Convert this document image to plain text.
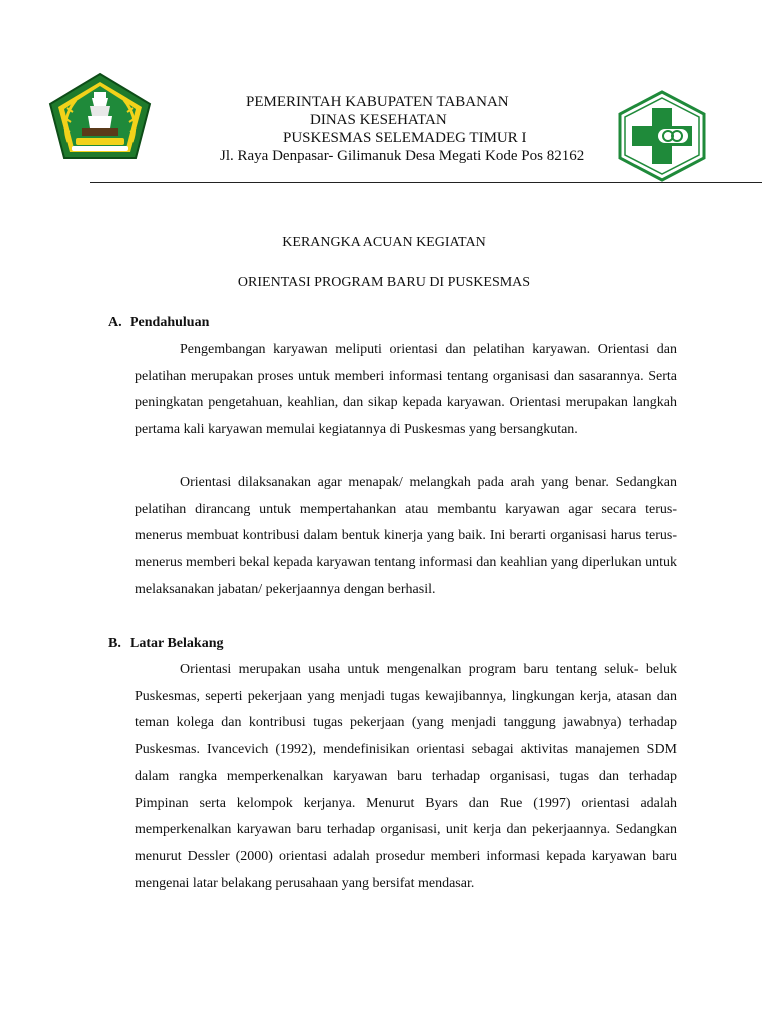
PEMERINTAH KABUPATEN TABANAN
DINAS KESEHATAN
PUSKESMAS SELEMADEG TIMUR I
Jl. Raya Denpasar- Gilimanuk Desa Megati Kode Pos 82162
KERANGKA ACUAN KEGIATAN
ORIENTASI PROGRAM BARU DI PUSKESMAS
A. Pendahuluan

Pengembangan karyawan meliputi orientasi dan pelatihan karyawan. Orientasi dan pelatihan merupakan proses untuk memberi informasi tentang organisasi dan sasarannya. Serta peningkatan pengetahuan, keahlian, dan sikap kepada karyawan. Orientasi merupakan langkah pertama kali karyawan memulai kegiatannya di Puskesmas yang bersangkutan.

Orientasi dilaksanakan agar menapak/ melangkah pada arah yang benar. Sedangkan pelatihan dirancang untuk mempertahankan atau membantu karyawan agar secara terus- menerus membuat kontribusi dalam bentuk kinerja yang baik. Ini berarti organisasi harus terus- menerus memberi bekal kepada karyawan tentang informasi dan keahlian yang diperlukan untuk melaksanakan jabatan/ pekerjaannya dengan berhasil.

B. Latar Belakang

Orientasi merupakan usaha untuk mengenalkan program baru tentang seluk- beluk Puskesmas, seperti pekerjaan yang menjadi tugas kewajibannya, lingkungan kerja, atasan dan teman kolega dan kontribusi tugas pekerjaan (yang menjadi tanggung jawabnya) terhadap Puskesmas. Ivancevich (1992), mendefinisikan orientasi sebagai aktivitas manajemen SDM dalam rangka memperkenalkan karyawan baru terhadap organisasi, tugas dan terhadap Pimpinan serta kelompok kerjanya. Menurut Byars dan Rue (1997) orientasi adalah memperkenalkan karyawan baru terhadap organisasi, unit kerja dan pekerjaannya. Sedangkan menurut Dessler (2000) orientasi adalah prosedur memberi informasi kepada karyawan baru mengenai latar belakang perusahaan yang bersifat mendasar.
